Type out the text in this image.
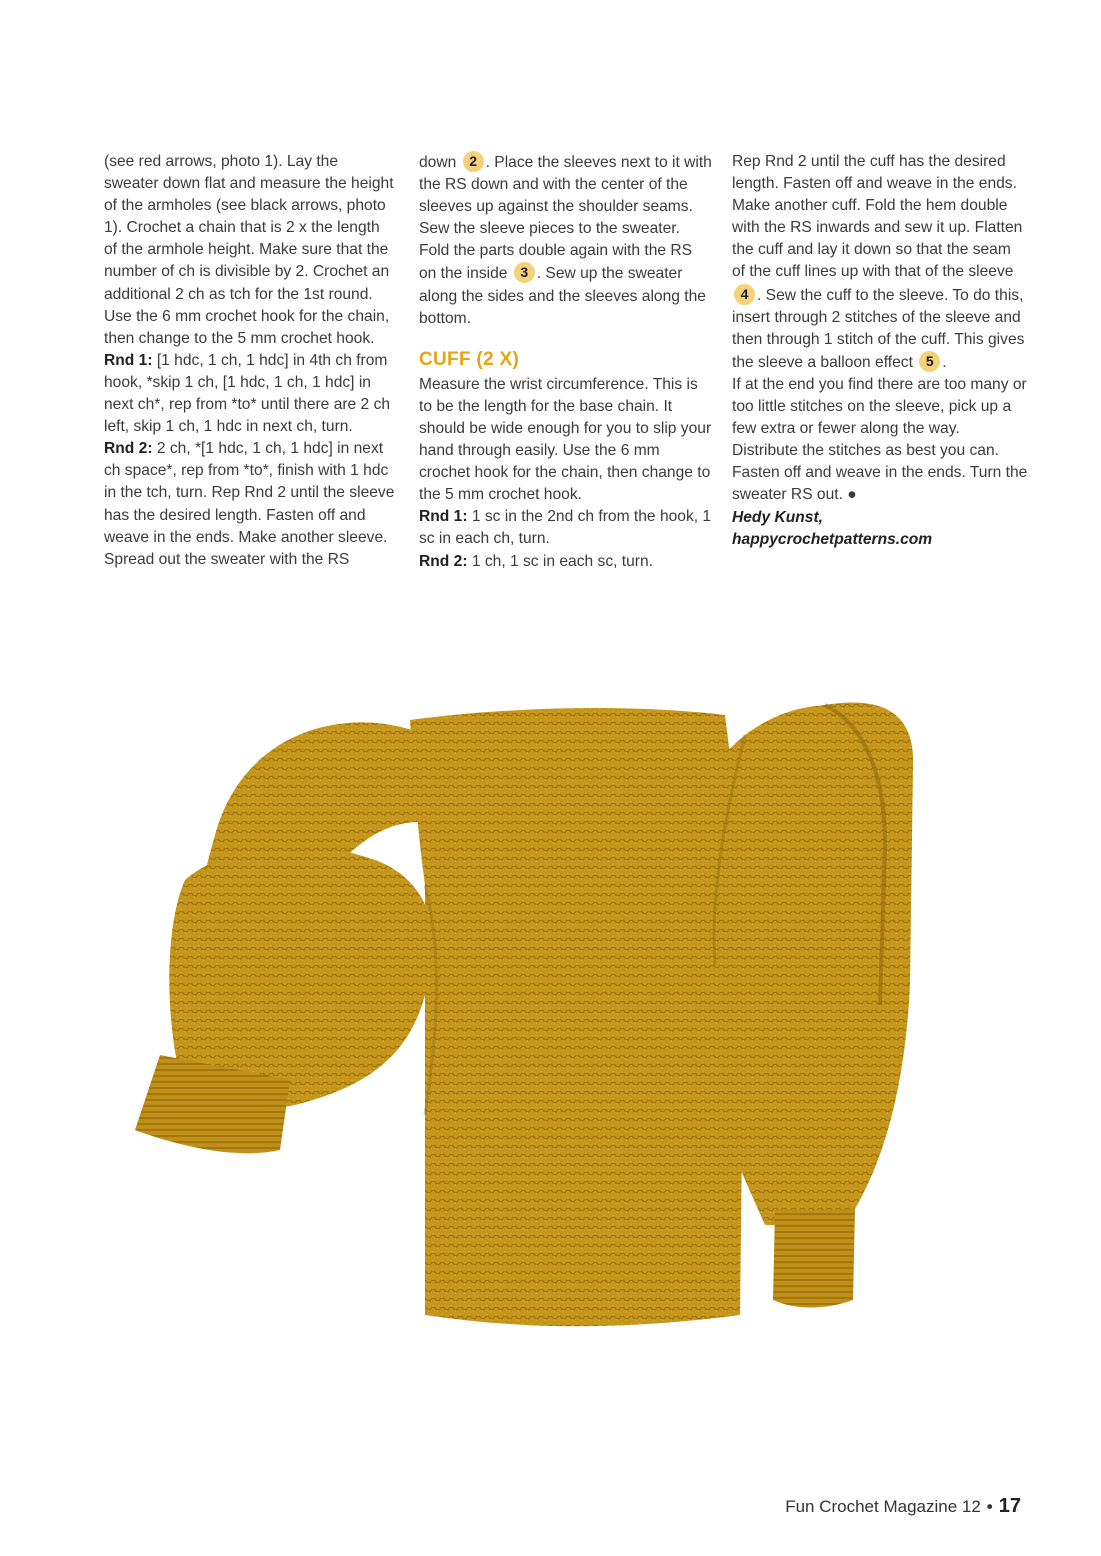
(see red arrows, photo 1). Lay the sweater down flat and measure the height of the armholes (see black arrows, photo 1). Crochet a chain that is 2 x the length of the armhole height. Make sure that the number of ch is divisible by 2. Crochet an additional 2 ch as tch for the 1st round. Use the 6 mm crochet hook for the chain, then change to the 5 mm crochet hook.

Rnd 1: [1 hdc, 1 ch, 1 hdc] in 4th ch from hook, *skip 1 ch, [1 hdc, 1 ch, 1 hdc] in next ch*, rep from *to* until there are 2 ch left, skip 1 ch, 1 hdc in next ch, turn.

Rnd 2: 2 ch, *[1 hdc, 1 ch, 1 hdc] in next ch space*, rep from *to*, finish with 1 hdc in the tch, turn. Rep Rnd 2 until the sleeve has the desired length. Fasten off and weave in the ends. Make another sleeve. Spread out the sweater with the RS

down 2 . Place the sleeves next to it with the RS down and with the center of the sleeves up against the shoulder seams. Sew the sleeve pieces to the sweater. Fold the parts double again with the RS on the inside 3 . Sew up the sweater along the sides and the sleeves along the bottom.

CUFF (2 X)

Measure the wrist circumference. This is to be the length for the base chain. It should be wide enough for you to slip your hand through easily. Use the 6 mm crochet hook for the chain, then change to the 5 mm crochet hook.

Rnd 1: 1 sc in the 2nd ch from the hook, 1 sc in each ch, turn.

Rnd 2: 1 ch, 1 sc in each sc, turn.

Rep Rnd 2 until the cuff has the desired length. Fasten off and weave in the ends. Make another cuff. Fold the hem double with the RS inwards and sew it up. Flatten the cuff and lay it down so that the seam of the cuff lines up with that of the sleeve 4 . Sew the cuff to the sleeve. To do this, insert through 2 stitches of the sleeve and then through 1 stitch of the cuff. This gives the sleeve a balloon effect 5 .

If at the end you find there are too many or too little stitches on the sleeve, pick up a few extra or fewer along the way. Distribute the stitches as best you can. Fasten off and weave in the ends. Turn the sweater RS out. ●

Hedy Kunst,

happycrochetpatterns.com

Fun Crochet Magazine 12 • 17
